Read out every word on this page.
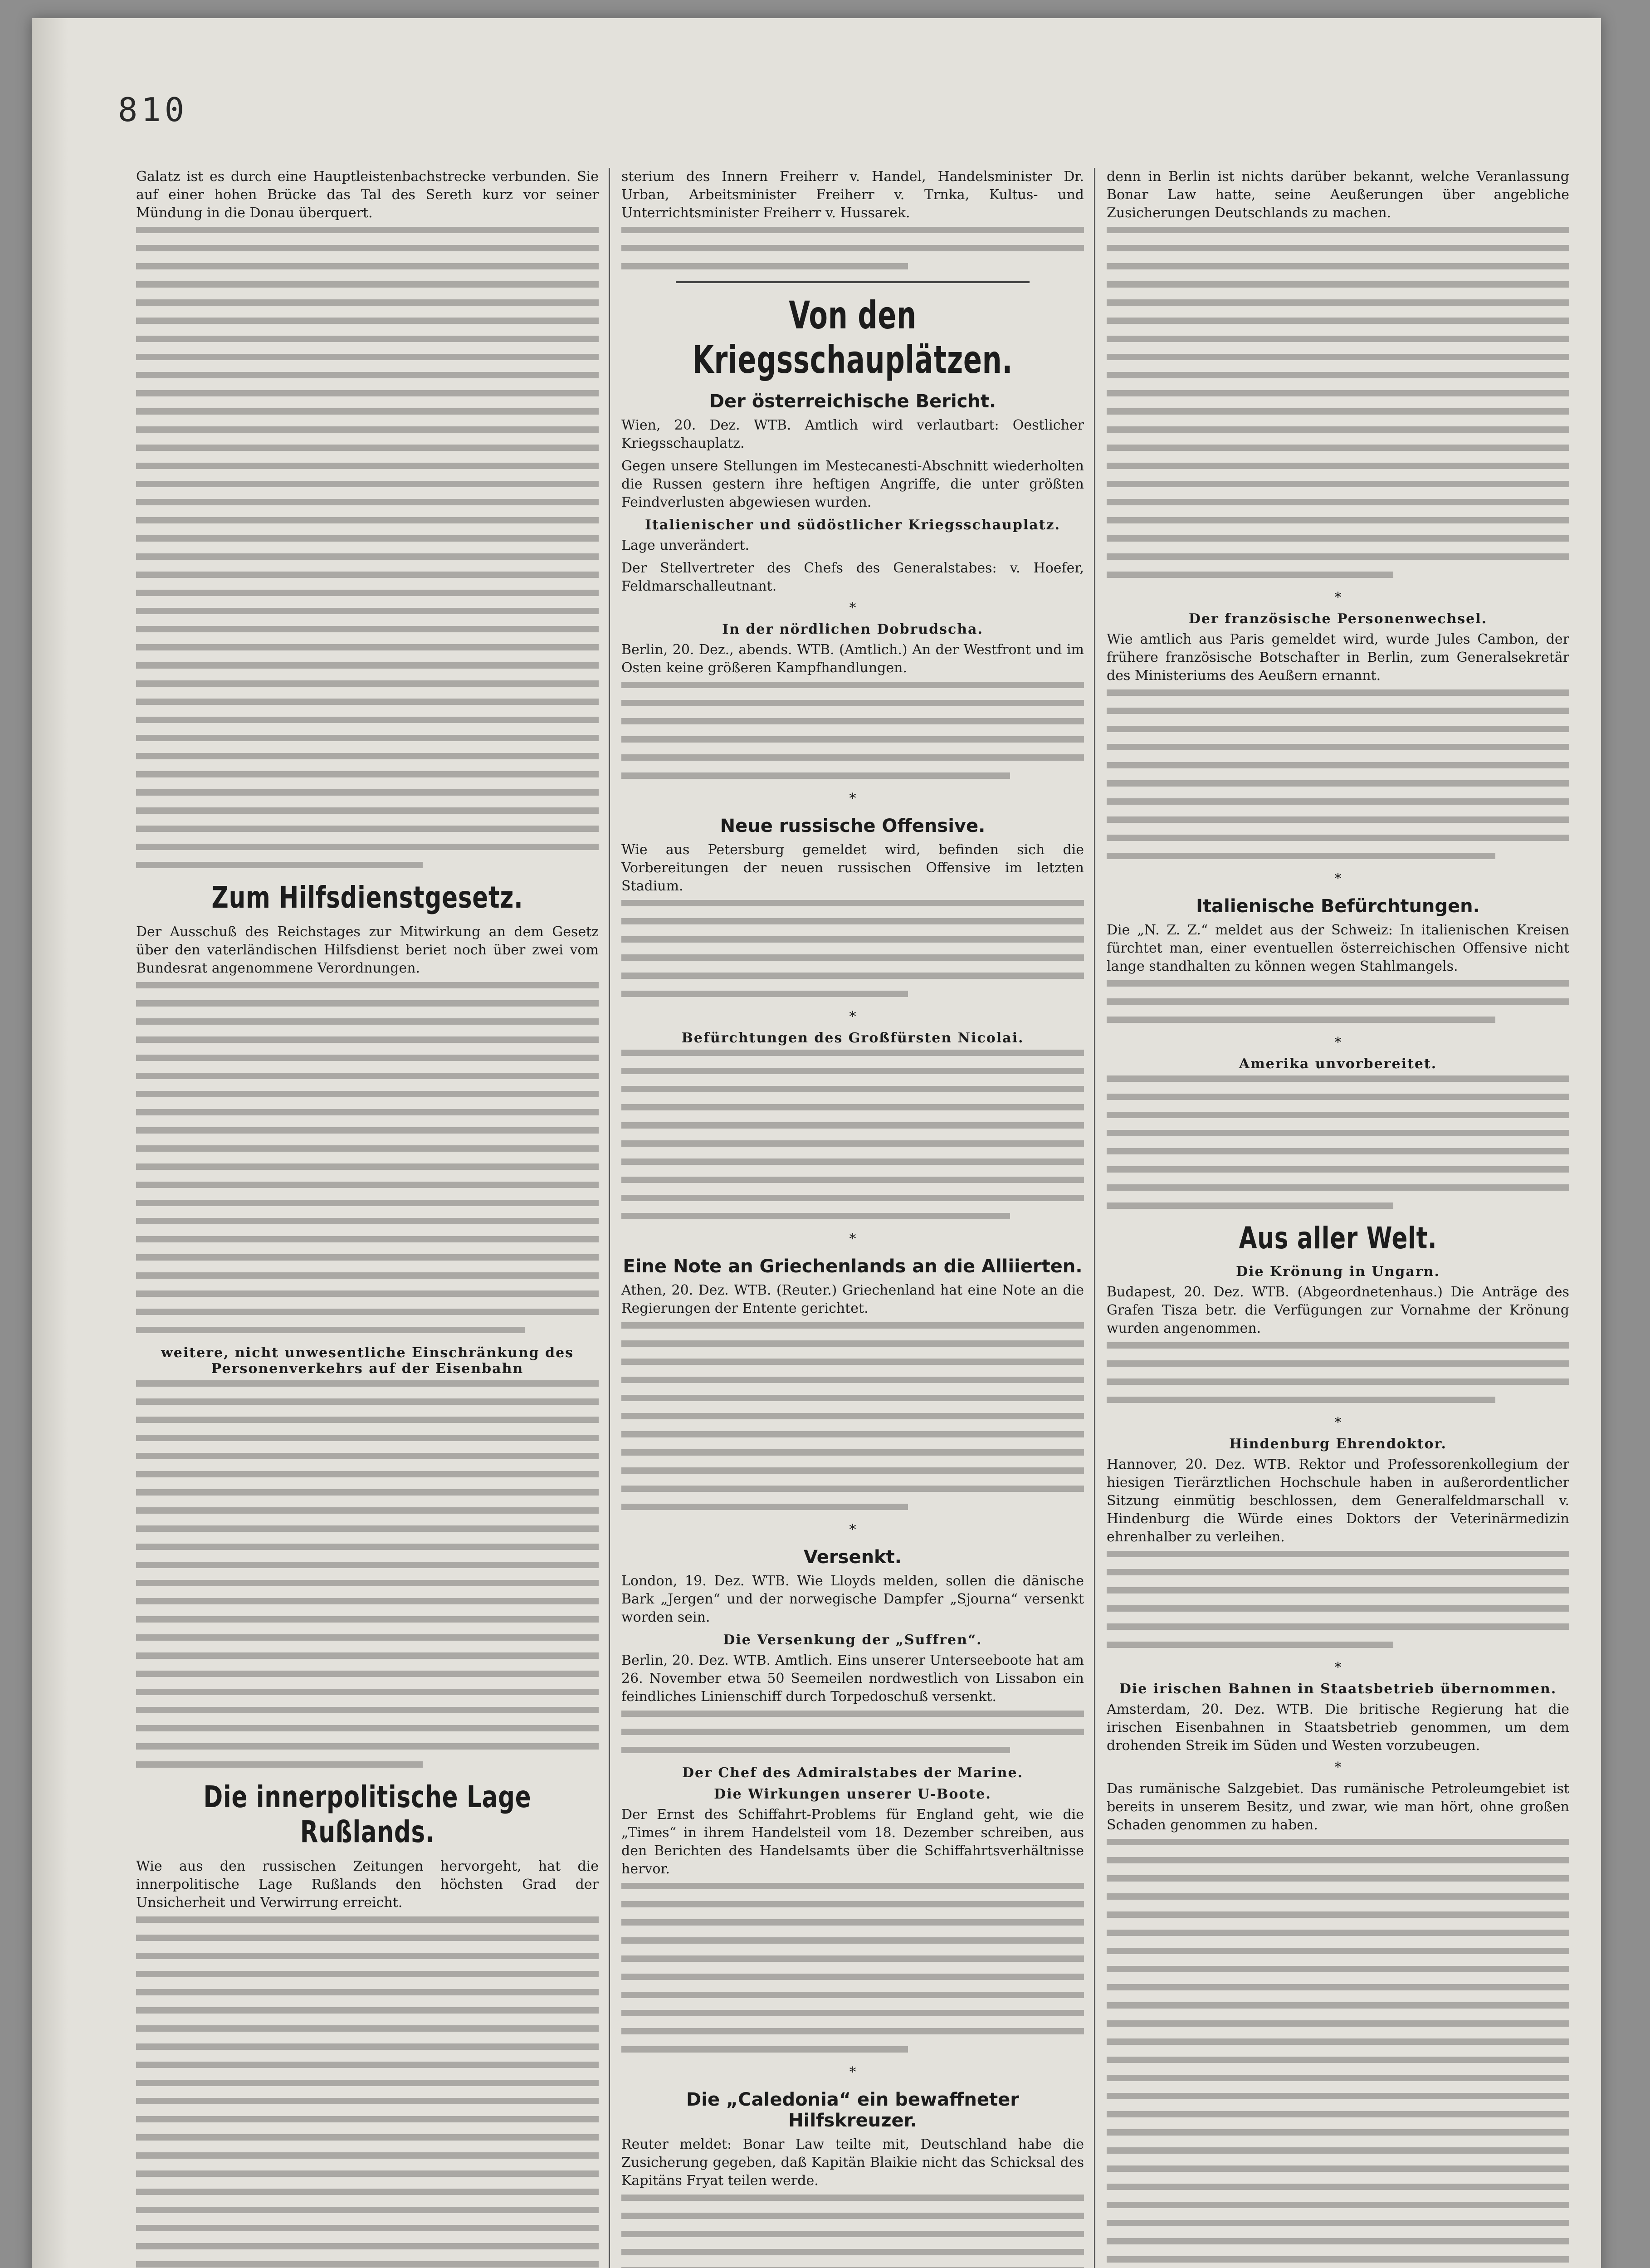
810

Galatz ist es durch eine Hauptleistenbachstrecke verbunden. Sie auf einer hohen Brücke das Tal des Sereth kurz vor seiner Mündung in die Donau überquert.

Zum Hilfsdienstgesetz.

Der Ausschuß des Reichstages zur Mitwirkung an dem Gesetz über den vaterländischen Hilfsdienst beriet noch über zwei vom Bundesrat angenommene Verordnungen.

weitere, nicht unwesentliche Einschränkung des Personenverkehrs auf der Eisenbahn
Die innerpolitische Lage Rußlands.

Wie aus den russischen Zeitungen hervorgeht, hat die innerpolitische Lage Rußlands den höchsten Grad der Unsicherheit und Verwirrung erreicht.

sterium des Innern Freiherr v. Handel, Handelsminister Dr. Urban, Arbeitsminister Freiherr v. Trnka, Kultus- und Unterrichtsminister Freiherr v. Hussarek.

Von den Kriegsschauplätzen.
Der österreichische Bericht.

Wien, 20. Dez. WTB. Amtlich wird verlautbart: Oestlicher Kriegsschauplatz.

Gegen unsere Stellungen im Mestecanesti-Abschnitt wiederholten die Russen gestern ihre heftigen Angriffe, die unter größten Feindverlusten abgewiesen wurden.

Italienischer und südöstlicher Kriegsschauplatz.

Lage unverändert.

Der Stellvertreter des Chefs des Generalstabes: v. Hoefer, Feldmarschalleutnant.

*
In der nördlichen Dobrudscha.

Berlin, 20. Dez., abends. WTB. (Amtlich.) An der Westfront und im Osten keine größeren Kampfhandlungen.

*
Neue russische Offensive.

Wie aus Petersburg gemeldet wird, befinden sich die Vorbereitungen der neuen russischen Offensive im letzten Stadium.

*
Befürchtungen des Großfürsten Nicolai.
*
Eine Note an Griechenlands an die Alliierten.

Athen, 20. Dez. WTB. (Reuter.) Griechenland hat eine Note an die Regierungen der Entente gerichtet.

*
Versenkt.

London, 19. Dez. WTB. Wie Lloyds melden, sollen die dänische Bark „Jergen“ und der norwegische Dampfer „Sjourna“ versenkt worden sein.

Die Versenkung der „Suffren“.

Berlin, 20. Dez. WTB. Amtlich. Eins unserer Unterseeboote hat am 26. November etwa 50 Seemeilen nordwestlich von Lissabon ein feindliches Linienschiff durch Torpedoschuß versenkt.

Der Chef des Admiralstabes der Marine.
Die Wirkungen unserer U-Boote.

Der Ernst des Schiffahrt-Problems für England geht, wie die „Times“ in ihrem Handelsteil vom 18. Dezember schreiben, aus den Berichten des Handelsamts über die Schiffahrtsverhältnisse hervor.

*
Die „Caledonia“ ein bewaffneter Hilfskreuzer.

Reuter meldet: Bonar Law teilte mit, Deutschland habe die Zusicherung gegeben, daß Kapitän Blaikie nicht das Schicksal des Kapitäns Fryat teilen werde.

denn in Berlin ist nichts darüber bekannt, welche Veranlassung Bonar Law hatte, seine Aeußerungen über angebliche Zusicherungen Deutschlands zu machen.

*
Der französische Personenwechsel.

Wie amtlich aus Paris gemeldet wird, wurde Jules Cambon, der frühere französische Botschafter in Berlin, zum Generalsekretär des Ministeriums des Aeußern ernannt.

*
Italienische Befürchtungen.

Die „N. Z. Z.“ meldet aus der Schweiz: In italienischen Kreisen fürchtet man, einer eventuellen österreichischen Offensive nicht lange standhalten zu können wegen Stahlmangels.

*
Amerika unvorbereitet.
Aus aller Welt.
Die Krönung in Ungarn.

Budapest, 20. Dez. WTB. (Abgeordnetenhaus.) Die Anträge des Grafen Tisza betr. die Verfügungen zur Vornahme der Krönung wurden angenommen.

*
Hindenburg Ehrendoktor.

Hannover, 20. Dez. WTB. Rektor und Professorenkollegium der hiesigen Tierärztlichen Hochschule haben in außerordentlicher Sitzung einmütig beschlossen, dem Generalfeldmarschall v. Hindenburg die Würde eines Doktors der Veterinärmedizin ehrenhalber zu verleihen.

*
Die irischen Bahnen in Staatsbetrieb übernommen.

Amsterdam, 20. Dez. WTB. Die britische Regierung hat die irischen Eisenbahnen in Staatsbetrieb genommen, um dem drohenden Streik im Süden und Westen vorzubeugen.

*

Das rumänische Salzgebiet. Das rumänische Petroleumgebiet ist bereits in unserem Besitz, und zwar, wie man hört, ohne großen Schaden genommen zu haben.
